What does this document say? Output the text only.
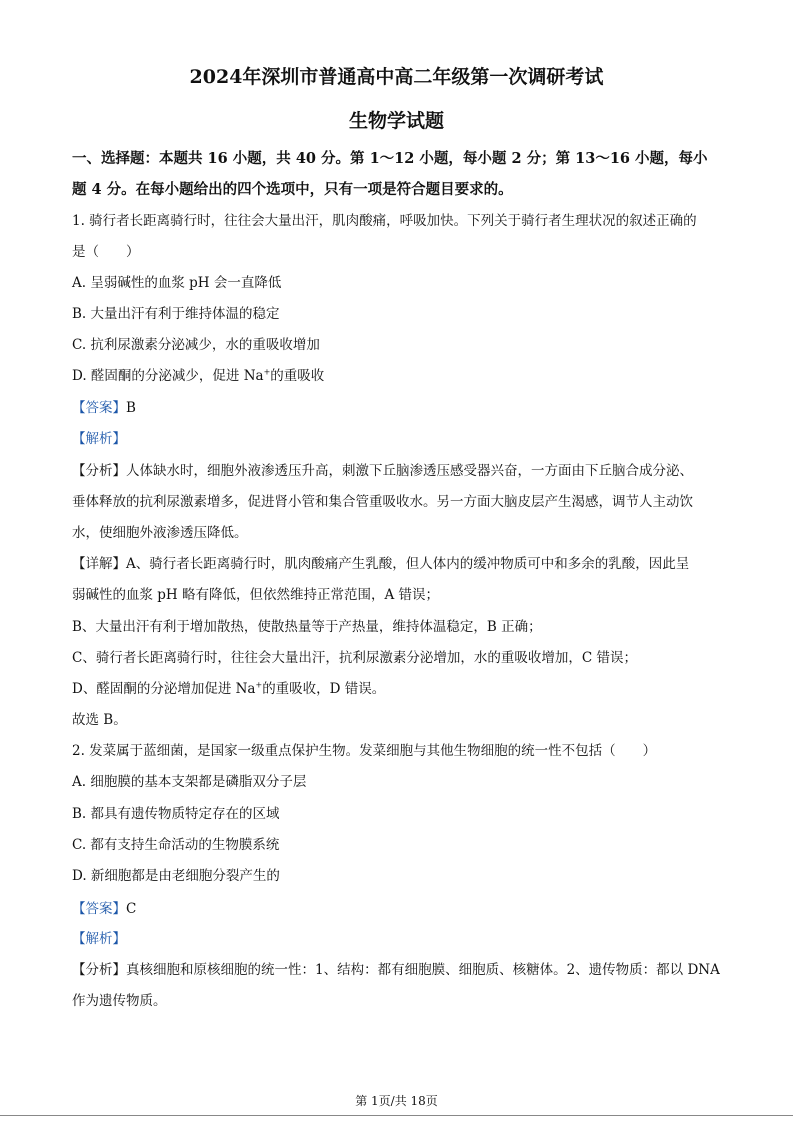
2024年深圳市普通高中高二年级第一次调研考试
生物学试题
一、选择题：本题共 16 小题，共 40 分。第 1～12 小题，每小题 2 分；第 13～16 小题，每小
题 4 分。在每小题给出的四个选项中，只有一项是符合题目要求的。
1. 骑行者长距离骑行时，往往会大量出汗，肌肉酸痛，呼吸加快。下列关于骑行者生理状况的叙述正确的
是（　　）
A. 呈弱碱性的血浆 pH 会一直降低
B. 大量出汗有利于维持体温的稳定
C. 抗利尿激素分泌减少，水的重吸收增加
D. 醛固酮的分泌减少，促进 Na+的重吸收
【答案】B
【解析】
【分析】人体缺水时，细胞外液渗透压升高，刺激下丘脑渗透压感受器兴奋，一方面由下丘脑合成分泌、
垂体释放的抗利尿激素增多，促进肾小管和集合管重吸收水。另一方面大脑皮层产生渴感，调节人主动饮
水，使细胞外液渗透压降低。
【详解】A、骑行者长距离骑行时，肌肉酸痛产生乳酸，但人体内的缓冲物质可中和多余的乳酸，因此呈
弱碱性的血浆 pH 略有降低，但依然维持正常范围，A 错误；
B、大量出汗有利于增加散热，使散热量等于产热量，维持体温稳定，B 正确；
C、骑行者长距离骑行时，往往会大量出汗，抗利尿激素分泌增加，水的重吸收增加，C 错误；
D、醛固酮的分泌增加促进 Na+的重吸收，D 错误。
故选 B。
2. 发菜属于蓝细菌，是国家一级重点保护生物。发菜细胞与其他生物细胞的统一性不包括（　　）
A. 细胞膜的基本支架都是磷脂双分子层
B. 都具有遗传物质特定存在的区域
C. 都有支持生命活动的生物膜系统
D. 新细胞都是由老细胞分裂产生的
【答案】C
【解析】
【分析】真核细胞和原核细胞的统一性：1、结构：都有细胞膜、细胞质、核糖体。2、遗传物质：都以 DNA
作为遗传物质。
第 1页/共 18页
